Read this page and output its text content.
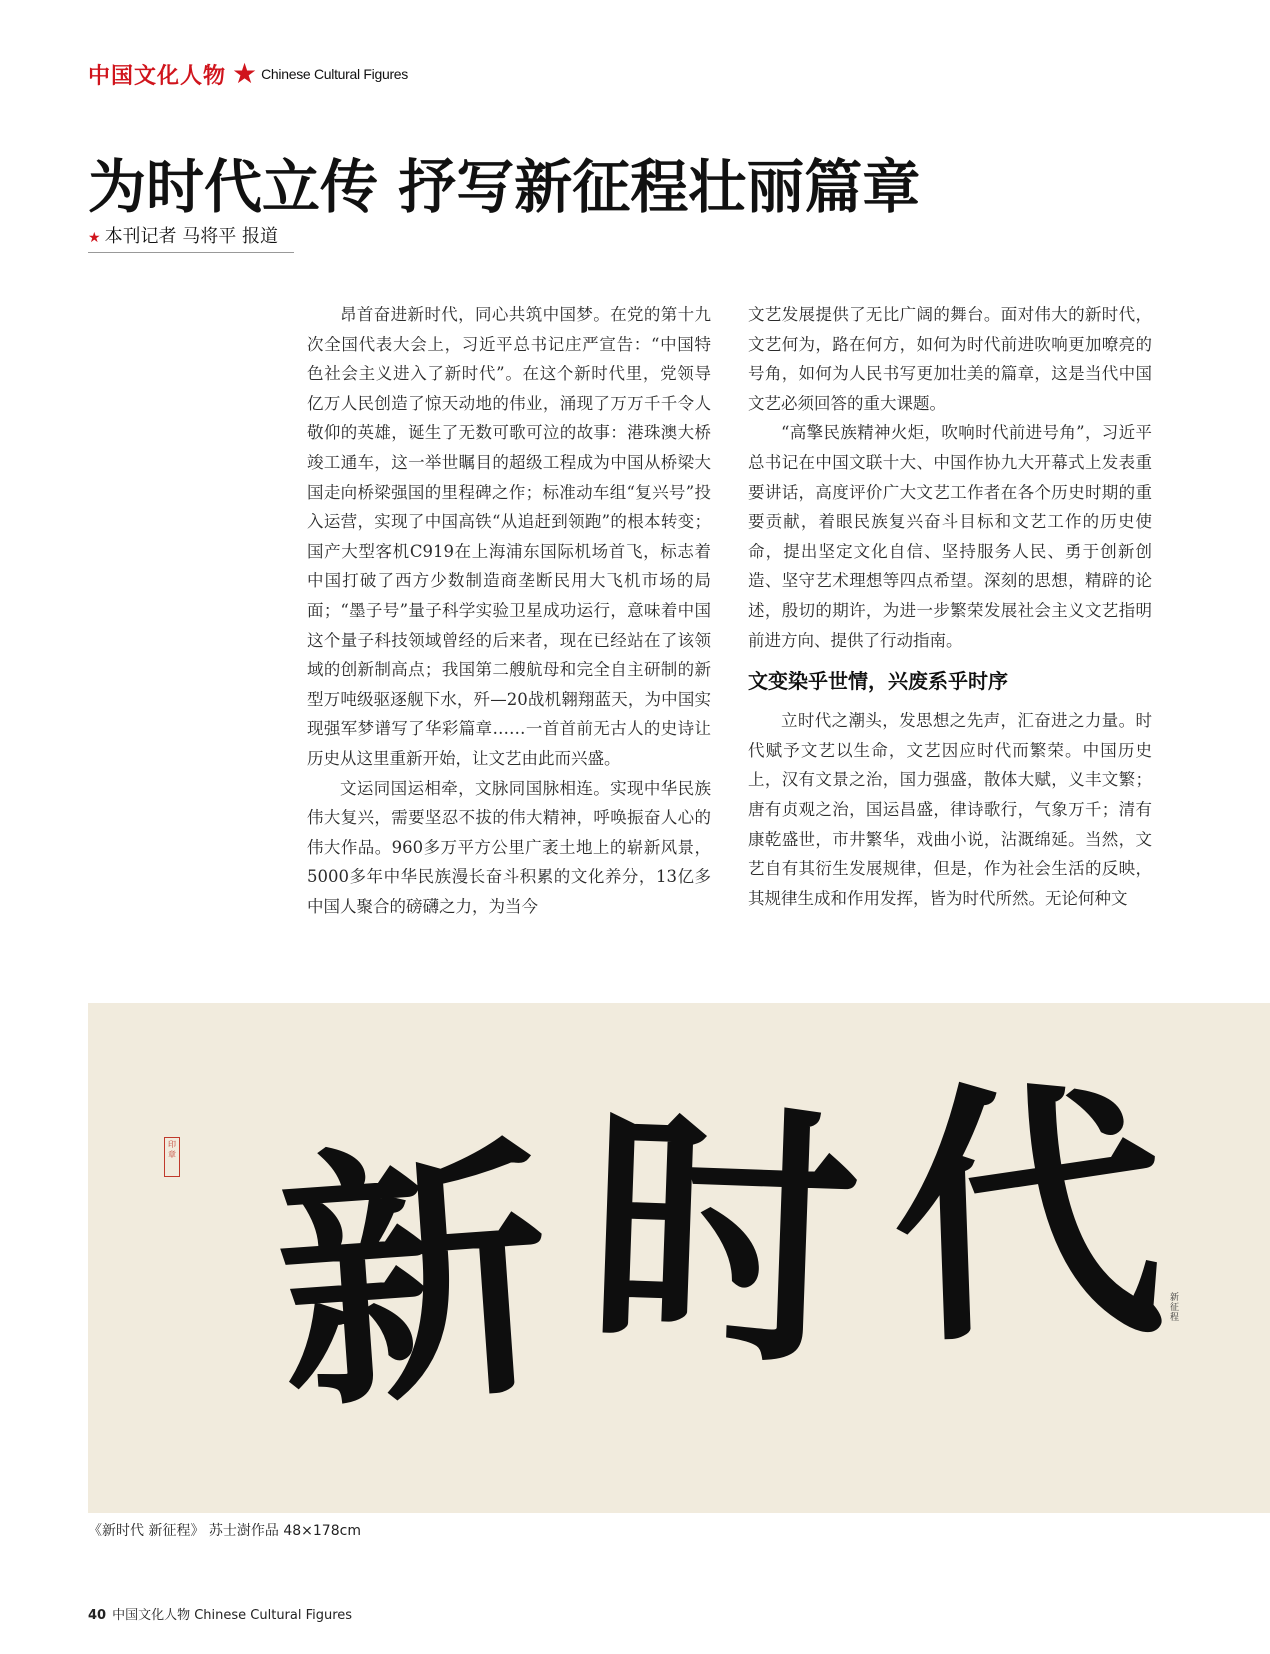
中国文化人物 ★ Chinese Cultural Figures
为时代立传 抒写新征程壮丽篇章
★ 本刊记者 马将平 报道

昂首奋进新时代，同心共筑中国梦。在党的第十九次全国代表大会上，习近平总书记庄严宣告：“中国特色社会主义进入了新时代”。在这个新时代里，党领导亿万人民创造了惊天动地的伟业，涌现了万万千千令人敬仰的英雄，诞生了无数可歌可泣的故事：港珠澳大桥竣工通车，这一举世瞩目的超级工程成为中国从桥梁大国走向桥梁强国的里程碑之作；标准动车组“复兴号”投入运营，实现了中国高铁“从追赶到领跑”的根本转变；国产大型客机C919在上海浦东国际机场首飞，标志着中国打破了西方少数制造商垄断民用大飞机市场的局面；“墨子号”量子科学实验卫星成功运行，意味着中国这个量子科技领域曾经的后来者，现在已经站在了该领域的创新制高点；我国第二艘航母和完全自主研制的新型万吨级驱逐舰下水，歼—20战机翱翔蓝天，为中国实现强军梦谱写了华彩篇章……一首首前无古人的史诗让历史从这里重新开始，让文艺由此而兴盛。

文运同国运相牵，文脉同国脉相连。实现中华民族伟大复兴，需要坚忍不拔的伟大精神，呼唤振奋人心的伟大作品。960多万平方公里广袤土地上的崭新风景，5000多年中华民族漫长奋斗积累的文化养分，13亿多中国人聚合的磅礴之力，为当今

文艺发展提供了无比广阔的舞台。面对伟大的新时代，文艺何为，路在何方，如何为时代前进吹响更加嘹亮的号角，如何为人民书写更加壮美的篇章，这是当代中国文艺必须回答的重大课题。

“高擎民族精神火炬，吹响时代前进号角”，习近平总书记在中国文联十大、中国作协九大开幕式上发表重要讲话，高度评价广大文艺工作者在各个历史时期的重要贡献，着眼民族复兴奋斗目标和文艺工作的历史使命，提出坚定文化自信、坚持服务人民、勇于创新创造、坚守艺术理想等四点希望。深刻的思想，精辟的论述，殷切的期许，为进一步繁荣发展社会主义文艺指明前进方向、提供了行动指南。

文变染乎世情，兴废系乎时序

立时代之潮头，发思想之先声，汇奋进之力量。时代赋予文艺以生命，文艺因应时代而繁荣。中国历史上，汉有文景之治，国力强盛，散体大赋，义丰文繁；唐有贞观之治，国运昌盛，律诗歌行，气象万千；清有康乾盛世，市井繁华，戏曲小说，沾溉绵延。当然，文艺自有其衍生发展规律，但是，作为社会生活的反映，其规律生成和作用发挥，皆为时代所然。无论何种文

印章 新 时 代 新征程
《新时代 新征程》 苏士澍作品 48×178cm
40 中国文化人物 Chinese Cultural Figures
